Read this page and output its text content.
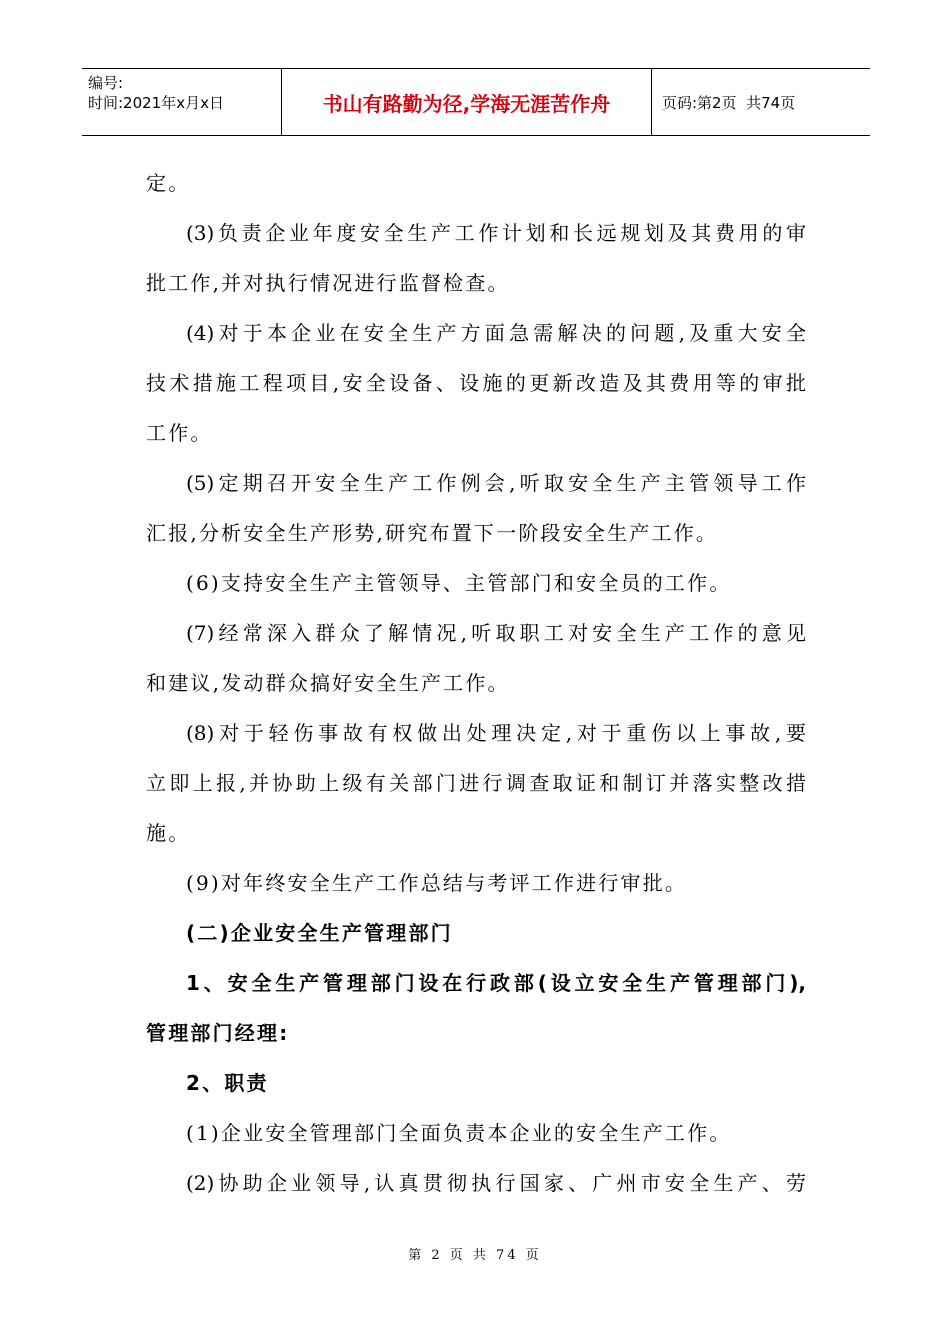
编号:
时间:2021年x月x日	书山有路勤为径,学海无涯苦作舟	页码:第2页  共74页
定。
(3)负责企业年度安全生产工作计划和长远规划及其费用的审
批工作,并对执行情况进行监督检查。
(4)对于本企业在安全生产方面急需解决的问题,及重大安全
技术措施工程项目,安全设备、设施的更新改造及其费用等的审批
工作。
(5)定期召开安全生产工作例会,听取安全生产主管领导工作
汇报,分析安全生产形势,研究布置下一阶段安全生产工作。
(6)支持安全生产主管领导、主管部门和安全员的工作。
(7)经常深入群众了解情况,听取职工对安全生产工作的意见
和建议,发动群众搞好安全生产工作。
(8)对于轻伤事故有权做出处理决定,对于重伤以上事故,要
立即上报,并协助上级有关部门进行调查取证和制订并落实整改措
施。
(9)对年终安全生产工作总结与考评工作进行审批。
(二)企业安全生产管理部门
1、安全生产管理部门设在行政部(设立安全生产管理部门),
管理部门经理:
2、职责
(1)企业安全管理部门全面负责本企业的安全生产工作。
(2)协助企业领导,认真贯彻执行国家、广州市安全生产、劳
第 2 页 共 74 页
